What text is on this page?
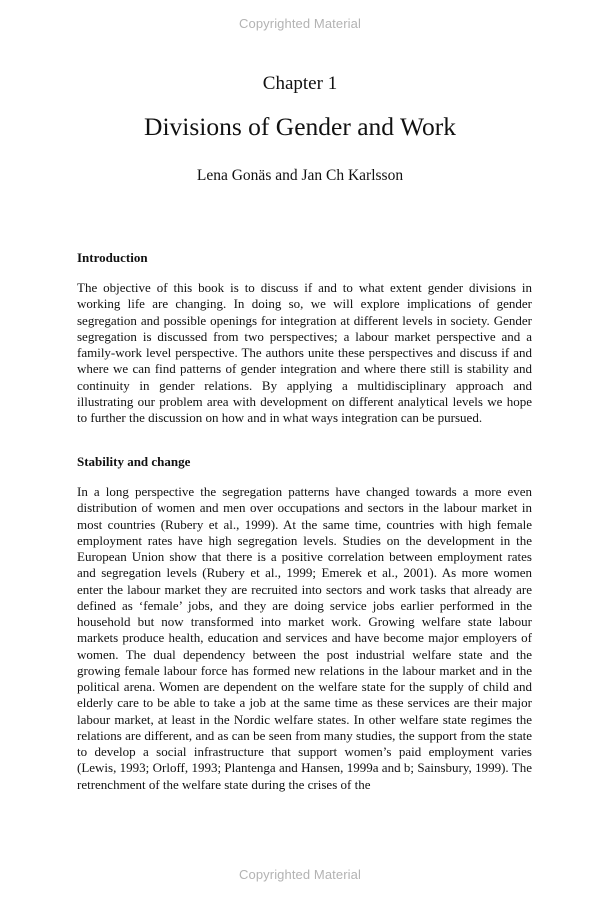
Copyrighted Material
Chapter 1
Divisions of Gender and Work
Lena Gonäs and Jan Ch Karlsson

Introduction

The objective of this book is to discuss if and to what extent gender divisions in working life are changing. In doing so, we will explore implications of gender segregation and possible openings for integration at different levels in society. Gender segregation is discussed from two perspectives; a labour market perspective and a family-work level perspective. The authors unite these perspectives and discuss if and where we can find patterns of gender integration and where there still is stability and continuity in gender relations. By applying a multidisciplinary approach and illustrating our problem area with development on different analytical levels we hope to further the discussion on how and in what ways integration can be pursued.

Stability and change

In a long perspective the segregation patterns have changed towards a more even distribution of women and men over occupations and sectors in the labour market in most countries (Rubery et al., 1999). At the same time, countries with high female employment rates have high segregation levels. Studies on the development in the European Union show that there is a positive correlation between employment rates and segregation levels (Rubery et al., 1999; Emerek et al., 2001). As more women enter the labour market they are recruited into sectors and work tasks that already are defined as ‘female’ jobs, and they are doing service jobs earlier performed in the household but now transformed into market work. Growing welfare state labour markets produce health, education and services and have become major employers of women. The dual dependency between the post industrial welfare state and the growing female labour force has formed new relations in the labour market and in the political arena. Women are dependent on the welfare state for the supply of child and elderly care to be able to take a job at the same time as these services are their major labour market, at least in the Nordic welfare states. In other welfare state regimes the relations are different, and as can be seen from many studies, the support from the state to develop a social infrastructure that support women’s paid employment varies (Lewis, 1993; Orloff, 1993; Plantenga and Hansen, 1999a and b; Sainsbury, 1999). The retrenchment of the welfare state during the crises of the

Copyrighted Material
